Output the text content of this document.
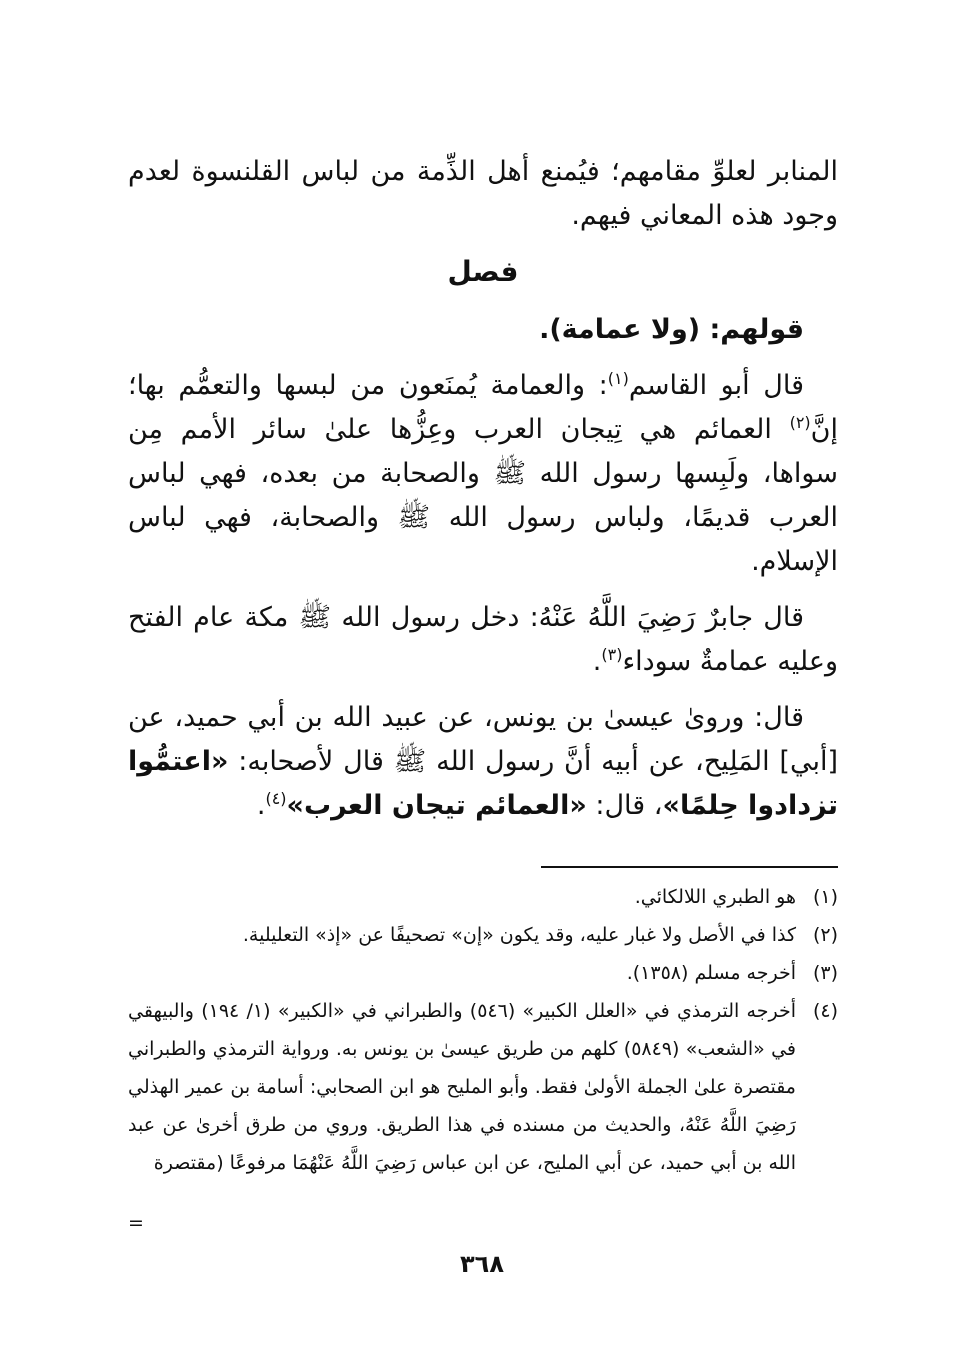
المنابر لعلوِّ مقامهم؛ فيُمنع أهل الذِّمة من لباس القلنسوة لعدم وجود هذه المعاني فيهم.

فصل

قولهم: (ولا عمامة).

قال أبو القاسم$^{(١)}$: والعمامة يُمنَعون من لبسها والتعمُّم بها؛ إنَّ$^{(٢)}$ العمائم هي تِيجان العرب وعِزُّها علىٰ سائر الأمم مِن سواها، ولَبِسها رسول الله ﷺ والصحابة من بعده، فهي لباس العرب قديمًا، ولباس رسول الله ﷺ والصحابة، فهي لباس الإسلام.

قال جابرٌ رَضِيَ اللَّهُ عَنْهُ: دخل رسول الله ﷺ مكة عام الفتح وعليه عمامةٌ سوداء$^{(٣)}$.

قال: وروىٰ عيسىٰ بن يونس، عن عبيد الله بن أبي حميد، عن [أبي] المَلِيح، عن أبيه أنَّ رسول الله ﷺ قال لأصحابه: «اعتمُّوا تزدادوا حِلمًا»، قال: «العمائم تيجان العرب»$^{(٤)}$.

(١)
هو الطبري اللالكائي.
(٢)
كذا في الأصل ولا غبار عليه، وقد يكون «إن» تصحيفًا عن «إذ» التعليلية.
(٣)
أخرجه مسلم (١٣٥٨).
(٤)
أخرجه الترمذي في «العلل الكبير» (٥٤٦) والطبراني في «الكبير» (١/ ١٩٤) والبيهقي في «الشعب» (٥٨٤٩) كلهم من طريق عيسىٰ بن يونس به. ورواية الترمذي والطبراني مقتصرة علىٰ الجملة الأولىٰ فقط. وأبو المليح هو ابن الصحابي: أسامة بن عمير الهذلي رَضِيَ اللَّهُ عَنْهُ، والحديث من مسنده في هذا الطريق. وروي من طرق أخرىٰ عن عبد الله بن أبي حميد، عن أبي المليح، عن ابن عباس رَضِيَ اللَّهُ عَنْهُمَا مرفوعًا (مقتصرة
=
٣٦٨
